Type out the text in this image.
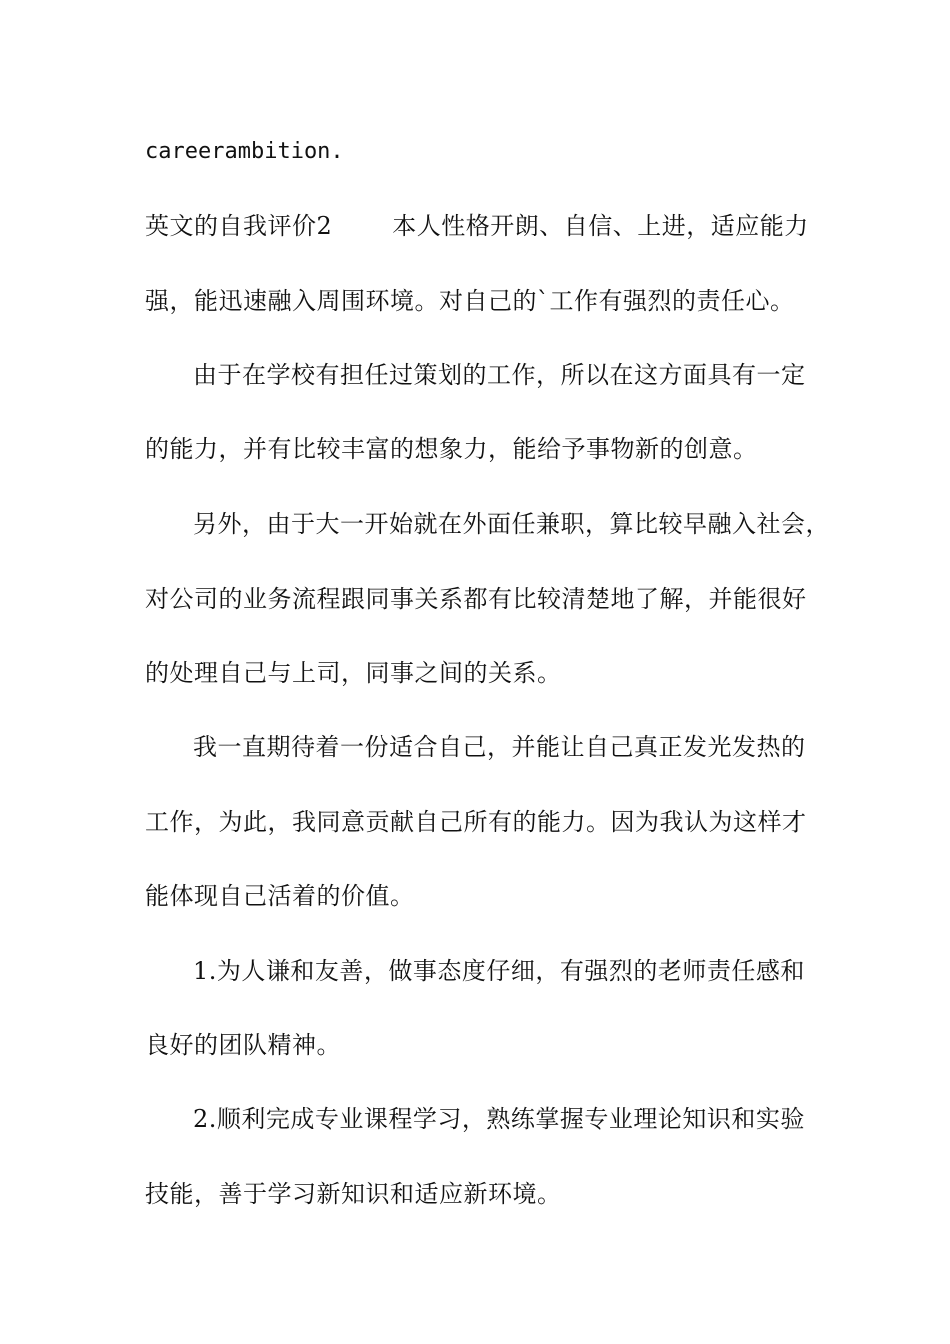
careerambition.
英文的自我评价2	本人性格开朗、自信、上进，适应能力
强，能迅速融入周围环境。对自己的`工作有强烈的责任心。
由于在学校有担任过策划的工作，所以在这方面具有一定
的能力，并有比较丰富的想象力，能给予事物新的创意。
另外，由于大一开始就在外面任兼职，算比较早融入社会，
对公司的业务流程跟同事关系都有比较清楚地了解，并能很好
的处理自己与上司，同事之间的关系。
我一直期待着一份适合自己，并能让自己真正发光发热的
工作，为此，我同意贡献自己所有的能力。因为我认为这样才
能体现自己活着的价值。
1.为人谦和友善，做事态度仔细，有强烈的老师责任感和
良好的团队精神。
2.顺利完成专业课程学习，熟练掌握专业理论知识和实验
技能，善于学习新知识和适应新环境。
